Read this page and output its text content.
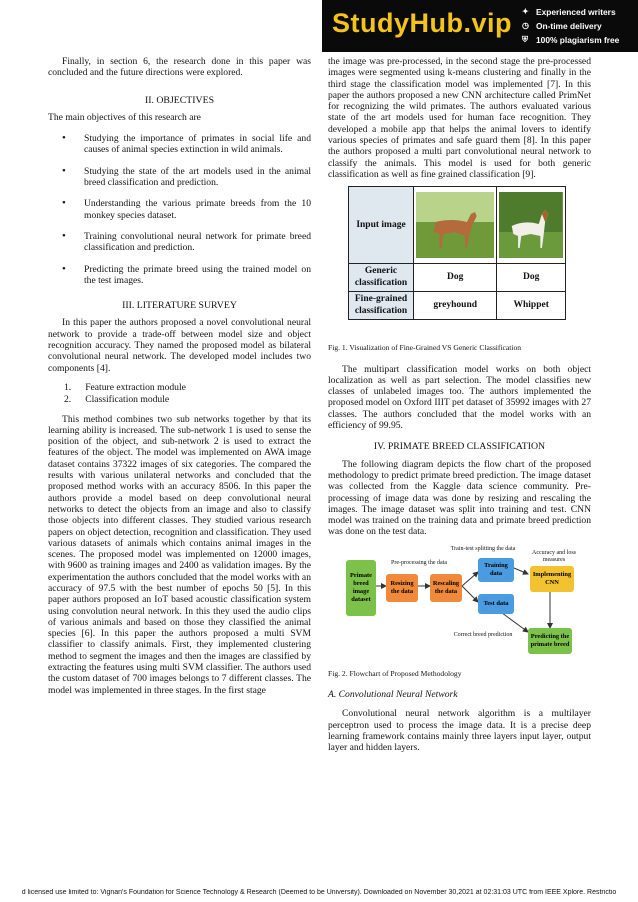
StudyHub.vip ✦ Experienced writers
◷ On-time delivery
⛨ 100% plagiarism free

Finally, in section 6, the research done in this paper was concluded and the future directions were explored.

II. OBJECTIVES

The main objectives of this research are

• Studying the importance of primates in social life and causes of animal species extinction in wild animals.
• Studying the state of the art models used in the animal breed classification and prediction.
• Understanding the various primate breeds from the 10 monkey species dataset.
• Training convolutional neural network for primate breed classification and prediction.
• Predicting the primate breed using the trained model on the test images.

III. LITERATURE SURVEY

In this paper the authors proposed a novel convolutional neural network to provide a trade-off between model size and object recognition accuracy. They named the proposed model as bilateral convolutional neural network. The developed model includes two components [4].

1. Feature extraction module
2. Classification module

This method combines two sub networks together by that its learning ability is increased. The sub-network 1 is used to sense the position of the object, and sub-network 2 is used to extract the features of the object. The model was implemented on AWA image dataset contains 37322 images of six categories. The compared the results with various unilateral networks and concluded that the proposed method works with an accuracy 8506. In this paper the authors provide a model based on deep convolutional neural networks to detect the objects from an image and also to classify those objects into different classes. They studied various research papers on object detection, recognition and classification. They used various datasets of animals which contains animal images in the scenes. The proposed model was implemented on 12000 images, with 9600 as training images and 2400 as validation images. By the experimentation the authors concluded that the model works with an accuracy of 97.5 with the best number of epochs 50 [5]. In this paper authors proposed an IoT based acoustic classification system using convolution neural network. In this they used the audio clips of various animals and based on those they classified the animal species [6]. In this paper the authors proposed a multi SVM classifier to classify animals. First, they implemented clustering method to segment the images and then the images are classified by extracting the features using multi SVM classifier. The authors used the custom dataset of 700 images belongs to 7 different classes. The model was implemented in three stages. In the first stage

the image was pre-processed, in the second stage the pre-processed images were segmented using k-means clustering and finally in the third stage the classification model was implemented [7]. In this paper the authors proposed a new CNN architecture called PrimNet for recognizing the wild primates. The authors evaluated various state of the art models used for human face recognition. They developed a mobile app that helps the animal lovers to identify various species of primates and safe guard them [8]. In this paper the authors proposed a multi part convolutional neural network to classify the animals. This model is used for both generic classification as well as fine grained classification [9].

Input image	

Generic classification	Dog	Dog
Fine-grained classification	greyhound	Whippet

Fig. 1. Visualization of Fine-Grained VS Generic Classification

The multipart classification model works on both object localization as well as part selection. The model classifies new classes of unlabeled images too. The authors implemented the proposed model on Oxford IIIT pet dataset of 35992 images with 27 classes. The authors concluded that the model works with an efficiency of 99.95.

IV. PRIMATE BREED CLASSIFICATION

The following diagram depicts the flow chart of the proposed methodology to predict primate breed prediction. The image dataset was collected from the Kaggle data science community. Pre-processing of image data was done by resizing and rescaling the images. The image dataset was split into training and test. CNN model was trained on the training data and primate breed prediction was done on the test data.

Train-test splitting the data
Pre-processing the data
Accuracy and loss measures
Primate breed image dataset
Resizing the data
Rescaling the data
Training data
Test data
Implementing CNN
Correct breed prediction	Predicting the primate breed

Fig. 2. Flowchart of Proposed Methodology

A. Convolutional Neural Network

Convolutional neural network algorithm is a multilayer perceptron used to process the image data. It is a precise deep learning framework contains mainly three layers input layer, output layer and hidden layers.

d licensed use limited to: Vignan's Foundation for Science Technology & Research (Deemed to be University). Downloaded on November 30,2021 at 02:31:03 UTC from IEEE Xplore. Restrictio
